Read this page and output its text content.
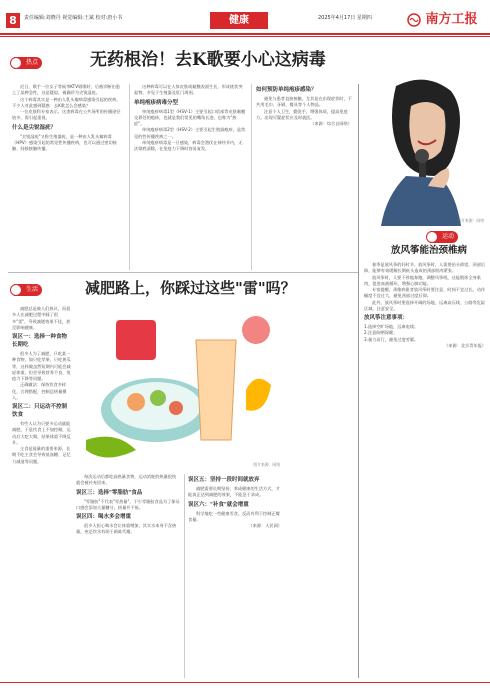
8	责任编辑:刘晓丹 视觉编辑:王斌 校对:唐小书	健康	2025年4月17日 星期四	南方工报
热点	无药根治！去K歌要小心这病毒

近日，歌手一位女子等候李KTV唱歌时，后被诊断出患上了某种急性，这是疑似，被确诊为尖锐湿疣。

这个病毒其实是一种由人乳头瘤病毒感染引起的疾病，不少人对此感到疑惑：去K歌怎么会感染？

一位皮肤科专家表示，这类病毒在公共场所的传播途径较多，需引起重视。

什么是尖锐湿疣？

"尖锐湿疣"又称生殖器疣，是一种由人乳头瘤病毒（HPV）感染引起的常见性传播疾病，也可以通过密切接触、间接接触传播。

这种病毒可以在人体皮肤或黏膜表面生长，形成疣状突起物，多见于生殖器及肛门周围。

单纯疱疹病毒分型

单纯疱疹病毒1型（HSV-1）主要引起口唇部等皮肤黏膜交界处的疱疹，也就是我们常见的嘴角长泡、也称为"热症"。

单纯疱疹病毒2型（HSV-2）主要引起生殖器疱疹，是常见的性传播疾病之一。

单纯疱疹病毒是一旦感染，病毒会潜伏在神经节内，无法彻底清除，在免疫力下降时容易复发。

如何预防单纯疱疹感染？

避免与患者直接接触，尤其是在出现症状时，不共用毛巾、牙刷、餐具等个人物品。

注意个人卫生，勤洗手，增强体质，提高免疫力。出现可疑症状应及时就医。

（来源：综合自网络）

图片来源：网络
生活	减肥路上，你踩过这些"雷"吗？

减肥总是被人们热议，而很多人在减肥过程中踩了很多"雷"，导致减肥效果不佳，甚至影响健康。

误区一：选择一种食物长期吃

很多人为了减肥，只吃某一种食物，如只吃苹果、只吃黄瓜等，这样做虽然短期内可能会减轻体重，但会导致营养不良、免疫力下降等问题。

正确做法：保持饮食多样化，合理搭配，控制总热量摄入。

误区二：只运动不控制饮食

有些人认为只要多运动就能减肥，于是饮食上不加控制，运动后大吃大喝，结果体重不降反升。

主食是能量的重要来源，长期不吃主食会导致低血糖、记忆力减退等问题。

图片来源：网络

每次运动后都吃高热量食物，运动消耗的热量很快就会被补充回来。

误区三：选择"零脂肪"食品

"零脂肪"不代表"零热量"，不少零脂肪食品为了保证口感会添加大量糖分，热量并不低。

误区四：喝水多会增重

很多人担心喝水会让体重增加，其实水本身不含热量，充足饮水有助于新陈代谢。

误区五：坚持一段时间就放弃

减肥需要长期坚持，养成健康的生活方式，才能真正达到减肥的效果，不能急于求成。

误区六："补食"就会增重

科学地吃一些健康零食，反而有利于控制正餐食量。

（来源：人民网）

运动
放风筝能治颈椎病

春季是放风筝的好时节。放风筝时，人需要抬头仰望，颈部后仰，能够有效缓解长期低头造成的颈部肌肉紧张。

放风筝时，人要不停地奔跑，调整风筝线，这能锻炼全身肌肉，促进血液循环，增强心肺功能。

专家提醒，颈椎病患者放风筝时要注意，时间不宜过长，动作幅度不宜过大，避免颈部过度后仰。

此外，放风筝时要选择开阔的场地，远离高压线、公路等危险区域，注意安全。

放风筝注意事项：

1.选择空旷场地，远离电线；

2.注意防晒保暖；

3.量力而行，避免过度劳累。

（来源：北京青年报）
